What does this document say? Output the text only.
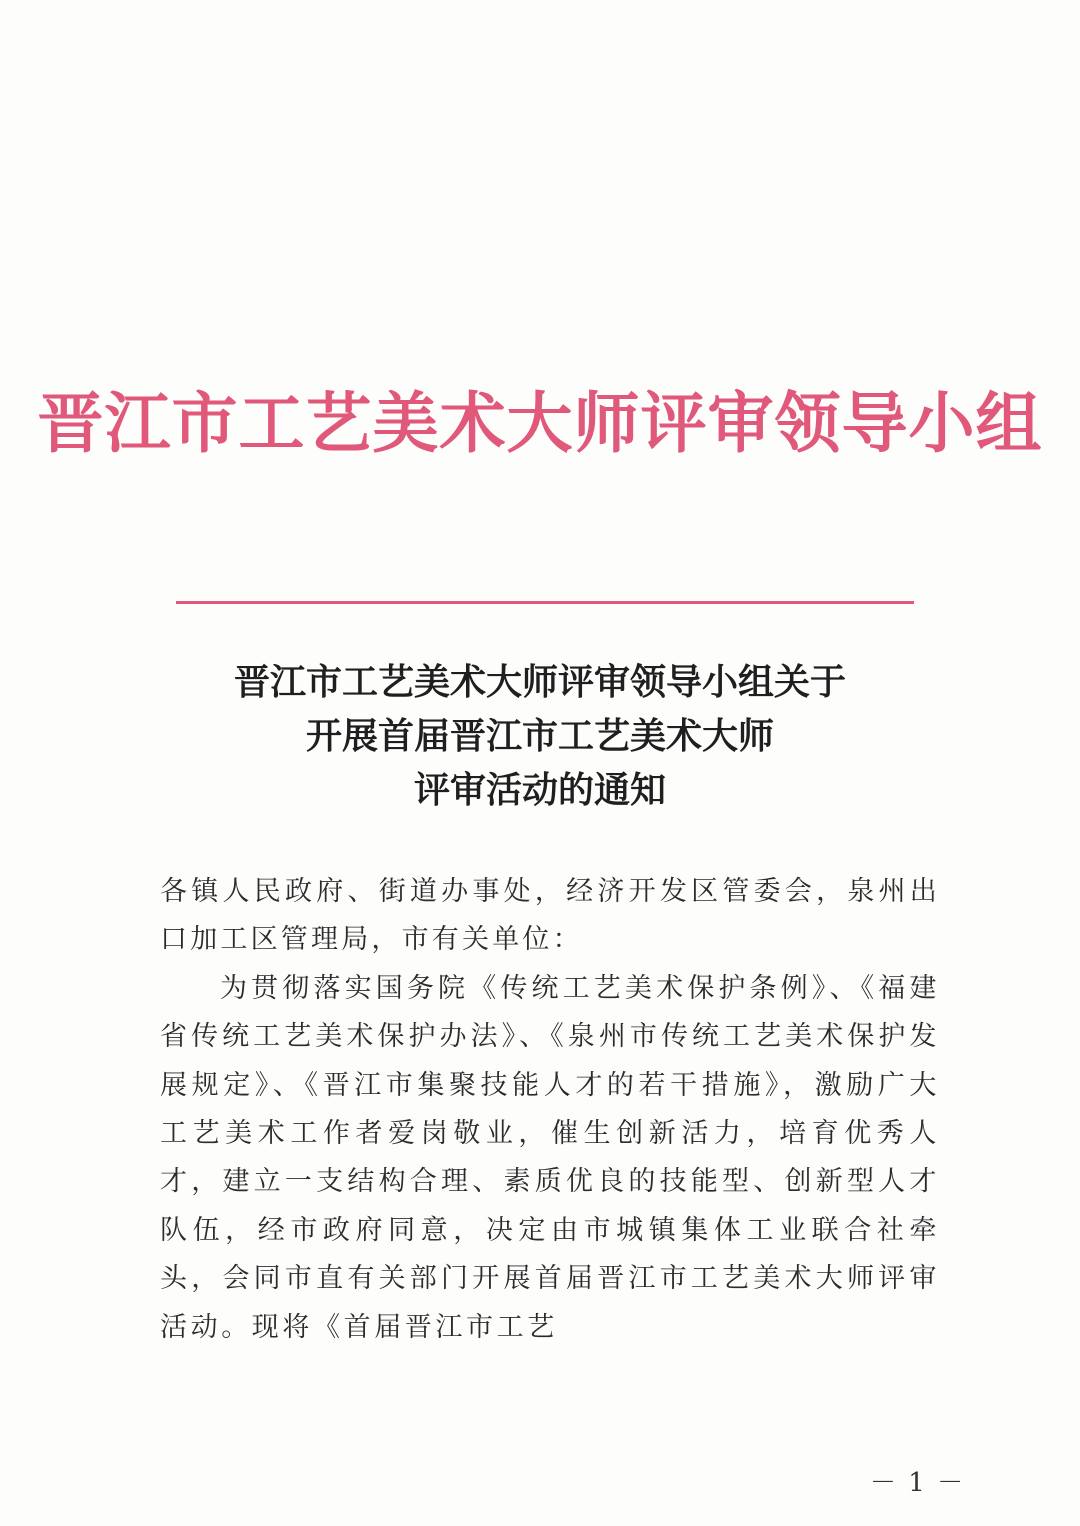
晋江市工艺美术大师评审领导小组
晋江市工艺美术大师评审领导小组关于
开展首届晋江市工艺美术大师
评审活动的通知

各镇人民政府、街道办事处，经济开发区管委会，泉州出口加工区管理局，市有关单位：

为贯彻落实国务院《传统工艺美术保护条例》、《福建省传统工艺美术保护办法》、《泉州市传统工艺美术保护发展规定》、《晋江市集聚技能人才的若干措施》，激励广大工艺美术工作者爱岗敬业，催生创新活力，培育优秀人才，建立一支结构合理、素质优良的技能型、创新型人才队伍，经市政府同意，决定由市城镇集体工业联合社牵头，会同市直有关部门开展首届晋江市工艺美术大师评审活动。现将《首届晋江市工艺

－ 1 －
